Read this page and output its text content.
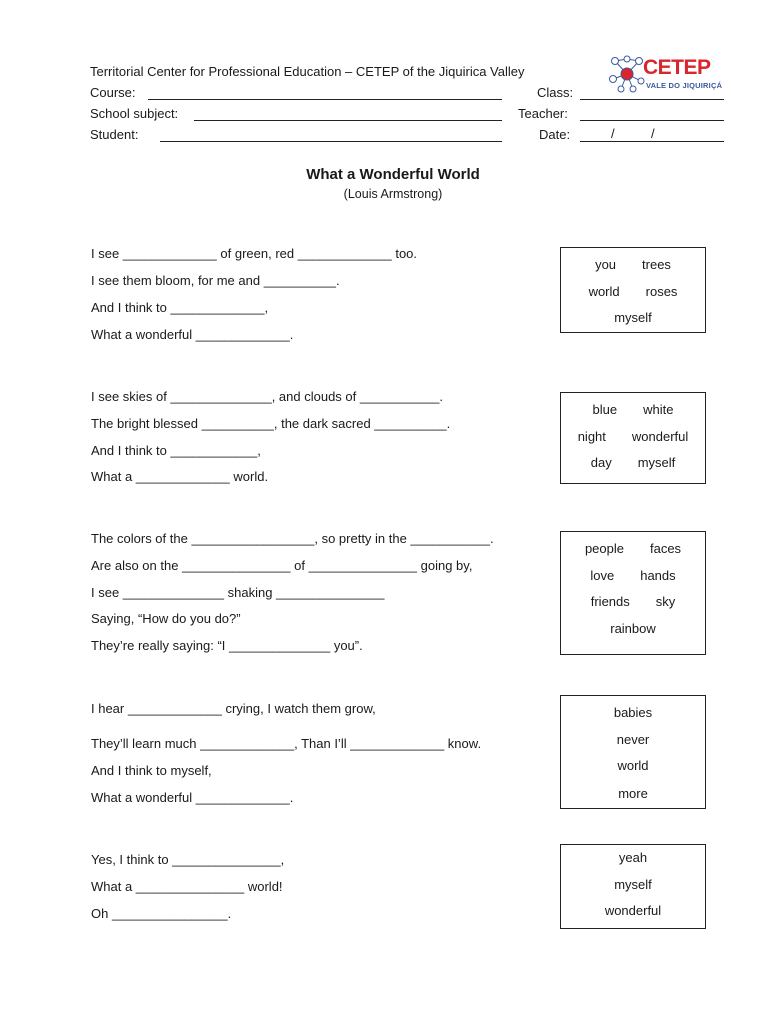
Territorial Center for Professional Education – CETEP of the Jiquirica Valley
Course:	Class:
School subject:	Teacher:
Student:	Date:	/	/
CETEP
VALE DO JIQUIRIÇÁ
What a Wonderful World
(Louis Armstrong)
I see _____________ of green, red _____________ too.
I see them bloom, for me and __________.
And I think to _____________,
What a wonderful _____________.
you trees
world roses
myself
I see skies of ______________, and clouds of ___________.
The bright blessed __________, the dark sacred __________.
And I think to ____________,
What a _____________ world.
blue white
night wonderful
day myself
The colors of the _________________, so pretty in the ___________.
Are also on the _______________ of _______________ going by,
I see ______________ shaking _______________
Saying, “How do you do?”
They’re really saying: “I ______________ you”.
people faces
love hands
friends sky
rainbow
I hear _____________ crying, I watch them grow,
They’ll learn much _____________, Than I’ll _____________ know.
And I think to myself,
What a wonderful _____________.
babies
never
world
more
Yes, I think to _______________,
What a _______________ world!
Oh ________________.
yeah
myself
wonderful
